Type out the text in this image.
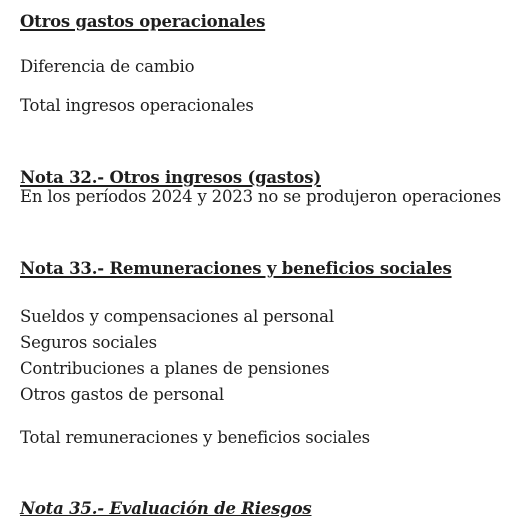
Otros gastos operacionales
Diferencia de cambio
Total ingresos operacionales
Nota 32.- Otros ingresos (gastos)
En los períodos 2024 y 2023 no se produjeron operaciones
Nota 33.- Remuneraciones y beneficios sociales
Sueldos y compensaciones al personal
Seguros sociales
Contribuciones a planes de pensiones
Otros gastos de personal
Total remuneraciones y beneficios sociales
Nota 35.- Evaluación de Riesgos
